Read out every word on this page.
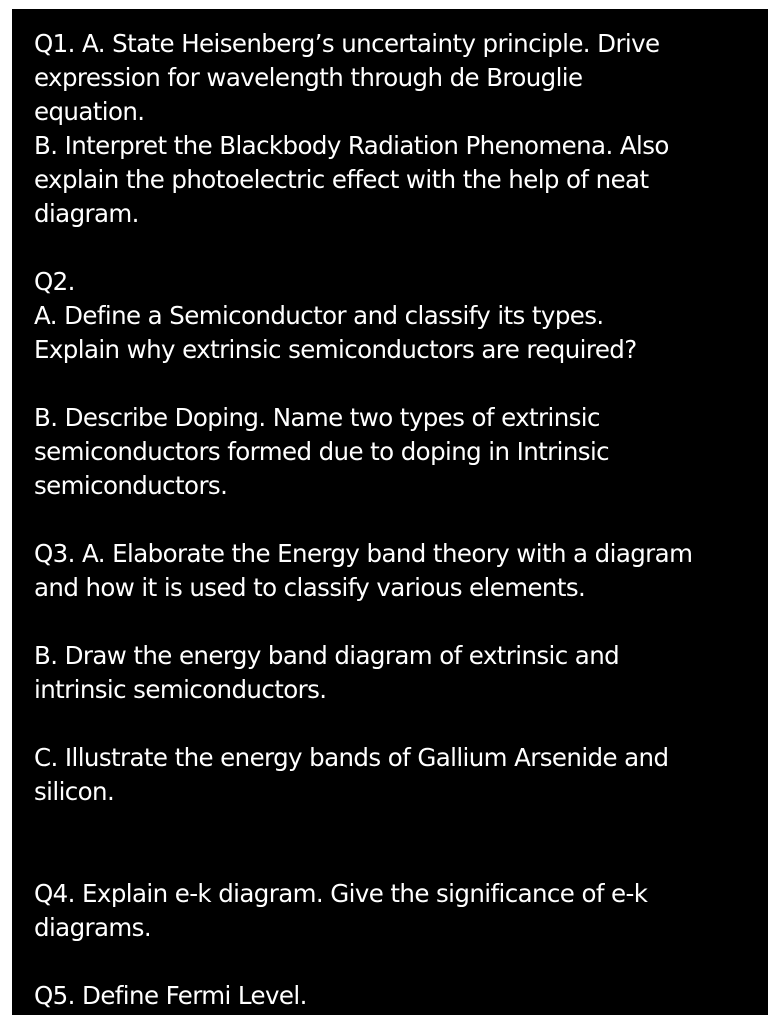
Q1. A. State Heisenberg’s uncertainty principle. Drive
expression for wavelength through de Brouglie
equation.
B. Interpret the Blackbody Radiation Phenomena. Also
explain the photoelectric effect with the help of neat
diagram.
Q2.
A. Define a Semiconductor and classify its types.
Explain why extrinsic semiconductors are required?
B. Describe Doping. Name two types of extrinsic
semiconductors formed due to doping in Intrinsic
semiconductors.
Q3. A. Elaborate the Energy band theory with a diagram
and how it is used to classify various elements.
B. Draw the energy band diagram of extrinsic and
intrinsic semiconductors.
C. Illustrate the energy bands of Gallium Arsenide and
silicon.
Q4. Explain e-k diagram. Give the significance of e-k
diagrams.
Q5. Define Fermi Level.
